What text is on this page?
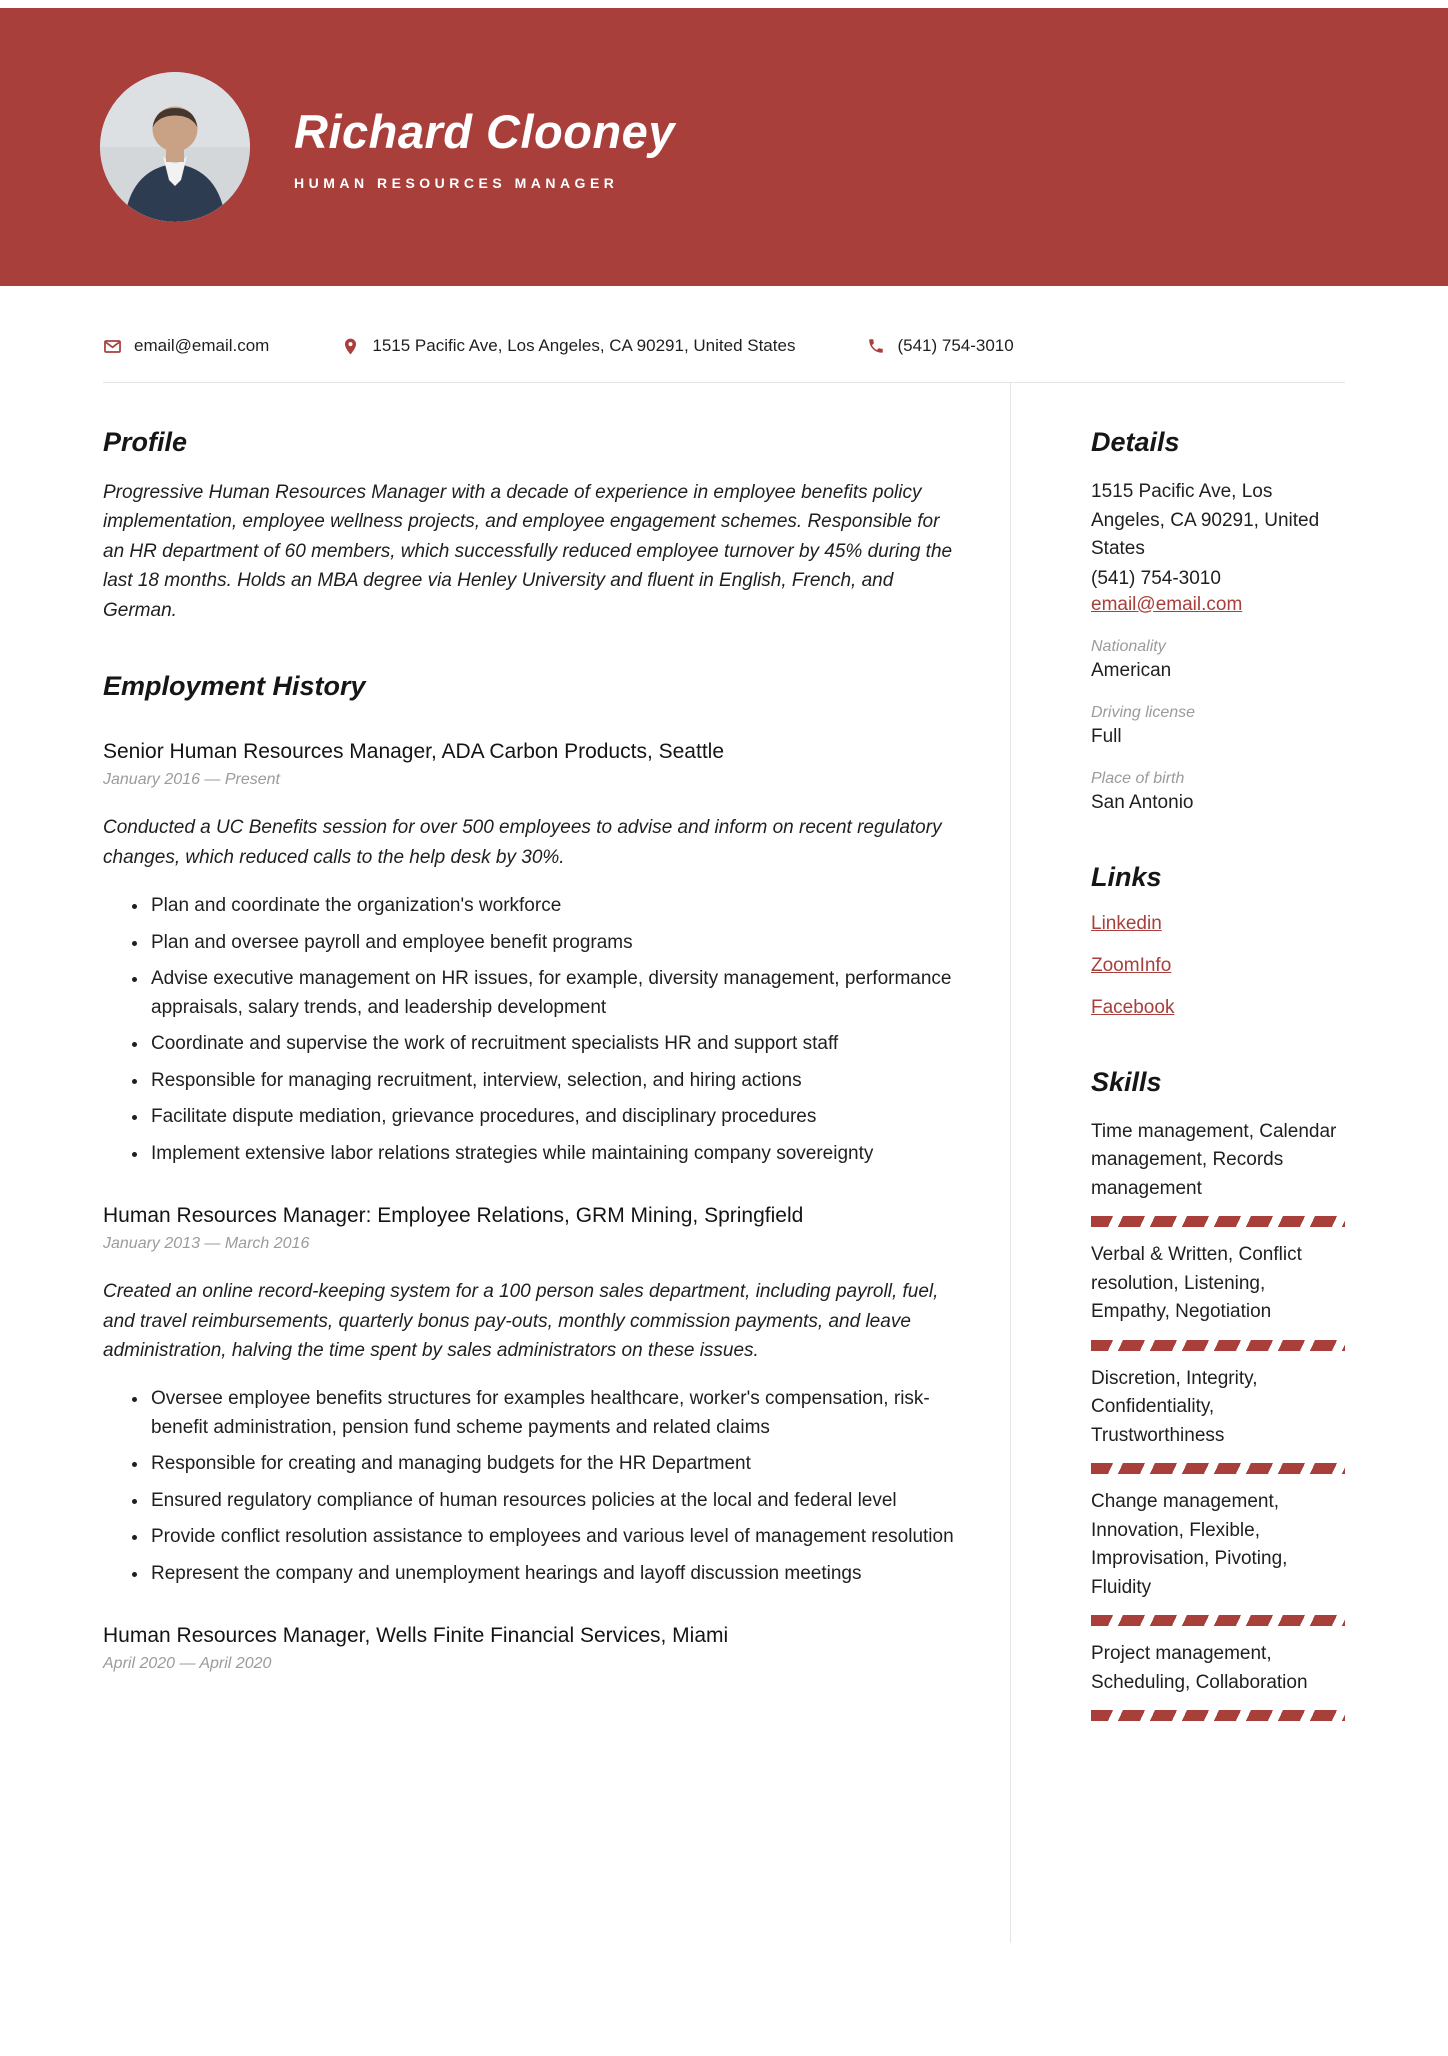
Richard Clooney
HUMAN RESOURCES MANAGER
email@email.com	1515 Pacific Ave, Los Angeles, CA 90291, United States	(541) 754-3010
Profile

Progressive Human Resources Manager with a decade of experience in employee benefits policy implementation, employee wellness projects, and employee engagement schemes. Responsible for an HR department of 60 members, which successfully reduced employee turnover by 45% during the last 18 months. Holds an MBA degree via Henley University and fluent in English, French, and German.

Employment History
Senior Human Resources Manager, ADA Carbon Products, Seattle
January 2016 — Present

Conducted a UC Benefits session for over 500 employees to advise and inform on recent regulatory changes, which reduced calls to the help desk by 30%.

• Plan and coordinate the organization's workforce
• Plan and oversee payroll and employee benefit programs
• Advise executive management on HR issues, for example, diversity management, performance appraisals, salary trends, and leadership development
• Coordinate and supervise the work of recruitment specialists HR and support staff
• Responsible for managing recruitment, interview, selection, and hiring actions
• Facilitate dispute mediation, grievance procedures, and disciplinary procedures
• Implement extensive labor relations strategies while maintaining company sovereignty
Human Resources Manager: Employee Relations, GRM Mining, Springfield
January 2013 — March 2016

Created an online record-keeping system for a 100 person sales department, including payroll, fuel, and travel reimbursements, quarterly bonus pay-outs, monthly commission payments, and leave administration, halving the time spent by sales administrators on these issues.

• Oversee employee benefits structures for examples healthcare, worker's compensation, risk-benefit administration, pension fund scheme payments and related claims
• Responsible for creating and managing budgets for the HR Department
• Ensured regulatory compliance of human resources policies at the local and federal level
• Provide conflict resolution assistance to employees and various level of management resolution
• Represent the company and unemployment hearings and layoff discussion meetings
Human Resources Manager, Wells Finite Financial Services, Miami
April 2020 — April 2020
Details
1515 Pacific Ave, Los Angeles, CA 90291, United States
(541) 754-3010
email@email.com
Nationality
American
Driving license
Full
Place of birth
San Antonio
Links
Linkedin
ZoomInfo
Facebook
Skills
Time management, Calendar management, Records management
Verbal & Written, Conflict resolution, Listening, Empathy, Negotiation
Discretion, Integrity, Confidentiality, Trustworthiness
Change management, Innovation, Flexible, Improvisation, Pivoting, Fluidity
Project management, Scheduling, Collaboration
